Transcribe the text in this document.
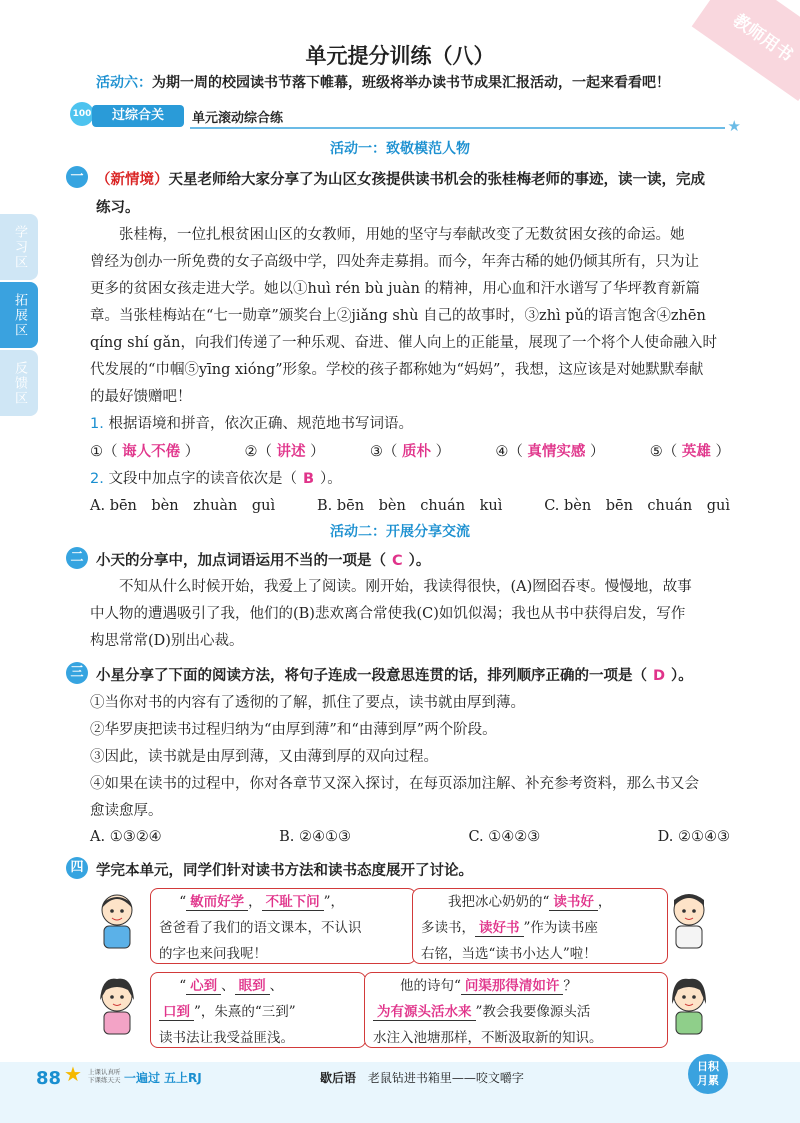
教师用书
单元提分训练（八）
活动六：为期一周的校园读书节落下帷幕，班级将举办读书节成果汇报活动，一起来看看吧！
100	过综合关	单元滚动综合练	★
学习区
拓展区
反馈区
活动一：致敬模范人物
一 （新情境）天星老师给大家分享了为山区女孩提供读书机会的张桂梅老师的事迹，读一读，完成
练习。
张桂梅，一位扎根贫困山区的女教师，用她的坚守与奉献改变了无数贫困女孩的命运。她
曾经为创办一所免费的女子高级中学，四处奔走募捐。而今，年奔古稀的她仍倾其所有，只为让
更多的贫困女孩走进大学。她以①huì rén bù juàn 的精神，用心血和汗水谱写了华坪教育新篇
章。当张桂梅站在“七一勋章”颁奖台上②jiǎng shù 自己的故事时，③zhì pǔ的语言饱含④zhēn
qíng shí gǎn，向我们传递了一种乐观、奋进、催人向上的正能量，展现了一个将个人使命融入时
代发展的“巾帼⑤yīng xióng”形象。学校的孩子都称她为“妈妈”，我想，这应该是对她默默奉献
的最好馈赠吧！
1. 根据语境和拼音，依次正确、规范地书写词语。
①（ 诲人不倦 ）	②（ 讲述 ）	③（ 质朴 ）	④（ 真情实感 ）	⑤（ 英雄 ）
2. 文段中加点字的读音依次是（ B ）。
A. bēn　bèn　zhuàn　guì	B. bēn　bèn　chuán　kuì	C. bèn　bēn　chuán　guì
活动二：开展分享交流
二 小天的分享中，加点词语运用不当的一项是（ C ）。
不知从什么时候开始，我爱上了阅读。刚开始，我读得很快，(A)囫囵吞枣。慢慢地，故事
中人物的遭遇吸引了我，他们的(B)悲欢离合常使我(C)如饥似渴；我也从书中获得启发，写作
构思常常(D)别出心裁。
三 小星分享了下面的阅读方法，将句子连成一段意思连贯的话，排列顺序正确的一项是（ D ）。
①当你对书的内容有了透彻的了解，抓住了要点，读书就由厚到薄。
②华罗庚把读书过程归纳为“由厚到薄”和“由薄到厚”两个阶段。
③因此，读书就是由厚到薄，又由薄到厚的双向过程。
④如果在读书的过程中，你对各章节又深入探讨，在每页添加注解、补充参考资料，那么书又会
愈读愈厚。
A. ①③②④	B. ②④①③	C. ①④②③	D. ②①④③
四 学完本单元，同学们针对读书方法和读书态度展开了讨论。
“ 敏而好学 ， 不耻下问 ”，
爸爸看了我们的语文课本，不认识
的字也来问我呢！
我把冰心奶奶的“ 读书好 ，
多读书， 读好书 ”作为读书座
右铭，当选“读书小达人”啦！
“ 心到 、 眼到 、
口到 ”，朱熹的“三到”
读书法让我受益匪浅。
他的诗句“ 问渠那得清如许 ？
为有源头活水来 ”教会我要像源头活
水注入池塘那样，不断汲取新的知识。
88 ★ 上课认真听
下课练天天 一遍过 五上RJ	歇后语 老鼠钻进书箱里——咬文嚼字
日积月累
